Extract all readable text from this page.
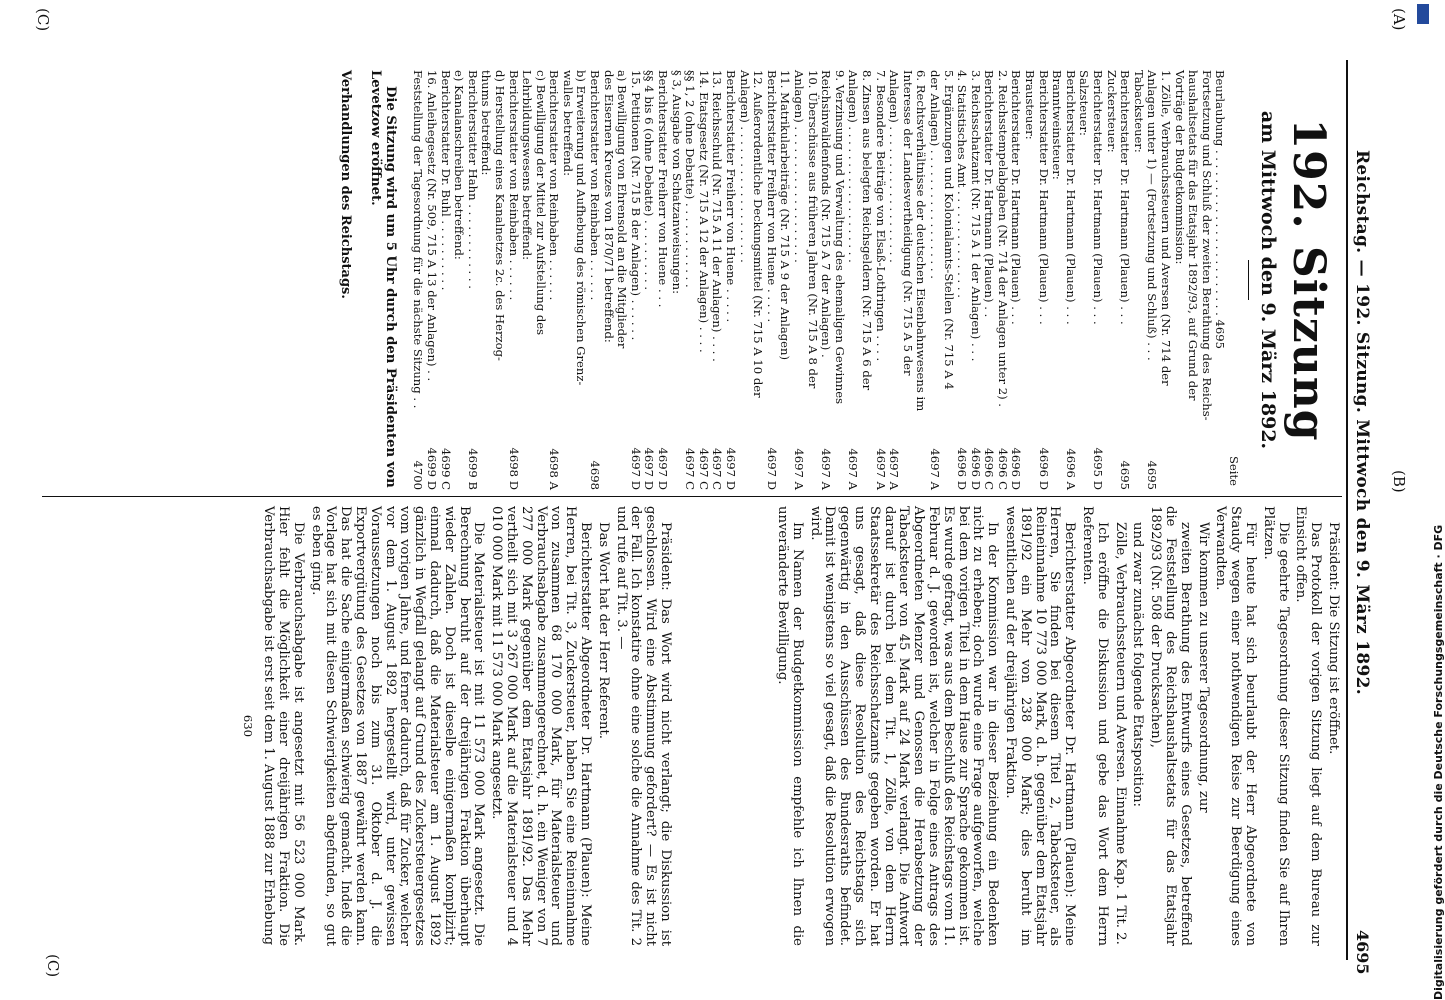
(A)
(C)
(B)
Reichstag. — 192. Sitzung. Mittwoch den 9. März 1892.
4695
192. Sitzung
am Mittwoch den 9. März 1892.
Seite
Beurlaubung . . . . . . . . . . . . . . . . . . . . . . . 4695
Fortsetzung und Schluß der zweiten Berathung des Reichs-
haushaltsetats für das Etatsjahr 1892/93, auf Grund der
Vorträge der Budgetkommission:
1. Zölle, Verbrauchssteuern und Aversen (Nr. 714 der
Anlagen unter 1) — (Fortsetzung und Schluß) . . .
4695
Tabacksteuer:
Berichterstatter Dr. Hartmann (Plauen) . . .
4695
Zuckersteuer:
Berichterstatter Dr. Hartmann (Plauen) . . .
4695 D
Salzsteuer:
Berichterstatter Dr. Hartmann (Plauen) . . .
4696 A
Branntweinsteuer:
Berichterstatter Dr. Hartmann (Plauen) . . .
4696 D
Brausteuer:
Berichterstatter Dr. Hartmann (Plauen) . . .
4696 D
2. Reichsstempelabgaben (Nr. 714 der Anlagen unter 2) .
4696 C
Berichterstatter Dr. Hartmann (Plauen) . .
4696 C
3. Reichsschatzamt (Nr. 715 A 1 der Anlagen) . . .
4696 D
4. Statistisches Amt . . . . . . . . . . . . . . .
4696 D
5. Ergänzungen und Kolonialamts-Stellen (Nr. 715 A 4
der Anlagen) . . . . . . . . . . . . . . . . . .
4697 A
6. Rechtsverhältnisse der deutschen Eisenbahnwesens im
Interesse der Landesvertheidigung (Nr. 715 A 5 der
Anlagen) . . . . . . . . . . . . . . . . . . .
4697 A
7. Besondere Beiträge von Elsaß-Lothringen . . . .
4697 A
8. Zinsen aus belegten Reichsgeldern (Nr. 715 A 6 der
Anlagen) . . . . . . . . . . . . . . . . . . .
4697 A
9. Verzinsung und Verwaltung des ehemaligen Gewinnes
Reichsinvalidenfonds (Nr. 715 A 7 der Anlagen) .
4697 A
10. Überschüsse aus früheren Jahren (Nr. 715 A 8 der
Anlagen) . . . . . . . . . . . . . . . . . . .
4697 A
11. Matrikularbeiträge (Nr. 715 A 9 der Anlagen)
Berichterstatter Freiherr von Huene . . . . .
4697 D
12. Außerordentliche Deckungsmittel (Nr. 715 A 10 der
Anlagen) . . . . . . . . . . . . . . . . . . .
Berichterstatter Freiherr von Huene . . . . .
4697 D
13. Reichsschuld (Nr. 715 A 11 der Anlagen) . . . .
4697 C
14. Etatsgesetz (Nr. 715 A 12 der Anlagen) . . . .
4697 C
§§ 1, 2 (ohne Debatte) . . . . . . . . . . . .
4697 C
§ 3, Ausgabe von Schatzanweisungen:
Berichterstatter Freiherr von Huene . . .
4697 D
§§ 4 bis 6 (ohne Debatte) . . . . . . . . . .
4697 D
15. Petitionen (Nr. 715 B der Anlagen) . . . . . .
4697 D
a) Bewilligung von Ehrensold an die Mitglieder
des Eisernen Kreuzes von 1870/71 betreffend:
Berichterstatter von Reinbaben . . . . . .
4698
b) Erweiterung und Aufhebung des römischen Grenz-
walles betreffend:
Berichterstatter von Reinbaben . . . . . .
4698 A
c) Bewilligung der Mittel zur Aufstellung des
Lehrbildungswesens betreffend:
Berichterstatter von Reinbaben . . . . . .
4698 D
d) Herstellung eines Kanalnetzes 2c. des Herzog-
thums betreffend:
Berichterstatter Hahn . . . . . . . . . . . .
4699 B
e) Kanalanschreiben betreffend:
Berichterstatter Dr. Buhl . . . . . . . . . .
4699 C
16. Anleihegesetz (Nr. 509, 715 A 13 der Anlagen) . .
4699 D
Feststellung der Tagesordnung für die nächste Sitzung . .
4700
Die Sitzung wird um 5 Uhr durch den Präsidenten von Levetzow eröffnet.
Verhandlungen des Reichstags.

Präsident: Die Sitzung ist eröffnet.

Das Protokoll der vorigen Sitzung liegt auf dem Bureau zur Einsicht offen.

Die geehrte Tagesordnung dieser Sitzung finden Sie auf Ihren Plätzen.

Für heute hat sich beurlaubt der Herr Abgeordnete von Staudy wegen einer nothwendigen Reise zur Beerdigung eines Verwandten.

Wir kommen zu unserer Tagesordnung, zur

zweiten Berathung des Entwurfs eines Gesetzes, betreffend die Feststellung des Reichshaushaltsetats für das Etatsjahr 1892/93 (Nr. 508 der Drucksachen),

und zwar zunächst folgende Etatsposition:

Zölle, Verbrauchssteuern und Aversen. Einnahme Kap. 1 Tit. 2.

Ich eröffne die Diskussion und gebe das Wort dem Herrn Referenten.

Berichterstatter Abgeordneter Dr. Hartmann (Plauen): Meine Herren, Sie finden bei diesem Titel 2, Tabacksteuer, als Reineinnahme 10 773 000 Mark, d. h. gegenüber dem Etatsjahr 1891/92 ein Mehr von 238 000 Mark; dies beruht im wesentlichen auf der dreijährigen Fraktion.

In der Kommission war in dieser Beziehung ein Bedenken nicht zu erheben; doch wurde eine Frage aufgeworfen, welche bei dem vorigen Titel in dem Hause zur Sprache gekommen ist. Es wurde gefragt, was aus dem Beschluß des Reichstags vom 11. Februar d. J. geworden ist, welcher in Folge eines Antrags des Abgeordneten Menzer und Genossen die Herabsetzung der Tabacksteuer von 45 Mark auf 24 Mark verlangt. Die Antwort darauf ist durch bei dem Tit. 1, Zölle, von dem Herrn Staatssekretär des Reichsschatzamts gegeben worden. Er hat uns gesagt, daß diese Resolution des Reichstags sich gegenwärtig in den Ausschüssen des Bundesraths befindet. Damit ist wenigstens so viel gesagt, daß die Resolution erwogen wird.

Im Namen der Budgetkommission empfehle ich Ihnen die unveränderte Bewilligung.

Präsident: Das Wort wird nicht verlangt; die Diskussion ist geschlossen. Wird eine Abstimmung gefordert? — Es ist nicht der Fall. Ich konstatire ohne eine solche die Annahme des Tit. 2 und rufe auf Tit. 3. —

Das Wort hat der Herr Referent.

Berichterstatter Abgeordneter Dr. Hartmann (Plauen): Meine Herren, bei Tit. 3, Zuckersteuer, haben Sie eine Reineinnahme von zusammen 68 170 000 Mark, für Materialsteuer und Verbrauchsabgabe zusammengerechnet, d. h. ein Weniger von 7 277 000 Mark gegenüber dem Etatsjahr 1891/92. Das Mehr vertheilt sich mit 3 267 000 Mark auf die Materialsteuer und 4 010 000 Mark mit 11 573 000 Mark angesetzt.

Die Materialsteuer ist mit 11 573 000 Mark angesetzt. Die Berechnung beruht auf der dreijährigen Fraktion überhaupt wieder Zahlen. Doch ist dieselbe einigermaßen komplizirt; einmal dadurch, daß die Materialsteuer am 1. August 1892 gänzlich in Wegfall gelangt auf Grund des Zuckersteuergesetzes vom vorigen Jahre, und ferner dadurch, daß für Zucker, welcher vor dem 1. August 1892 hergestellt wird, unter gewissen Voraussetzungen noch bis zum 31. Oktober d. J. die Exportvergütung des Gesetzes von 1887 gewährt werden kann. Das hat die Sache einigermaßen schwierig gemacht. Indeß die Vorlage hat sich mit diesen Schwierigkeiten abgefunden, so gut es eben ging.

Die Verbrauchsabgabe ist angesetzt mit 56 523 000 Mark. Hier fehlt die Möglichkeit einer dreijährigen Fraktion. Die Verbrauchsabgabe ist erst seit dem 1. August 1888 zur Erhebung

630
(C)	Digitalisierung gefördert durch die Deutsche Forschungsgemeinschaft · DFG
